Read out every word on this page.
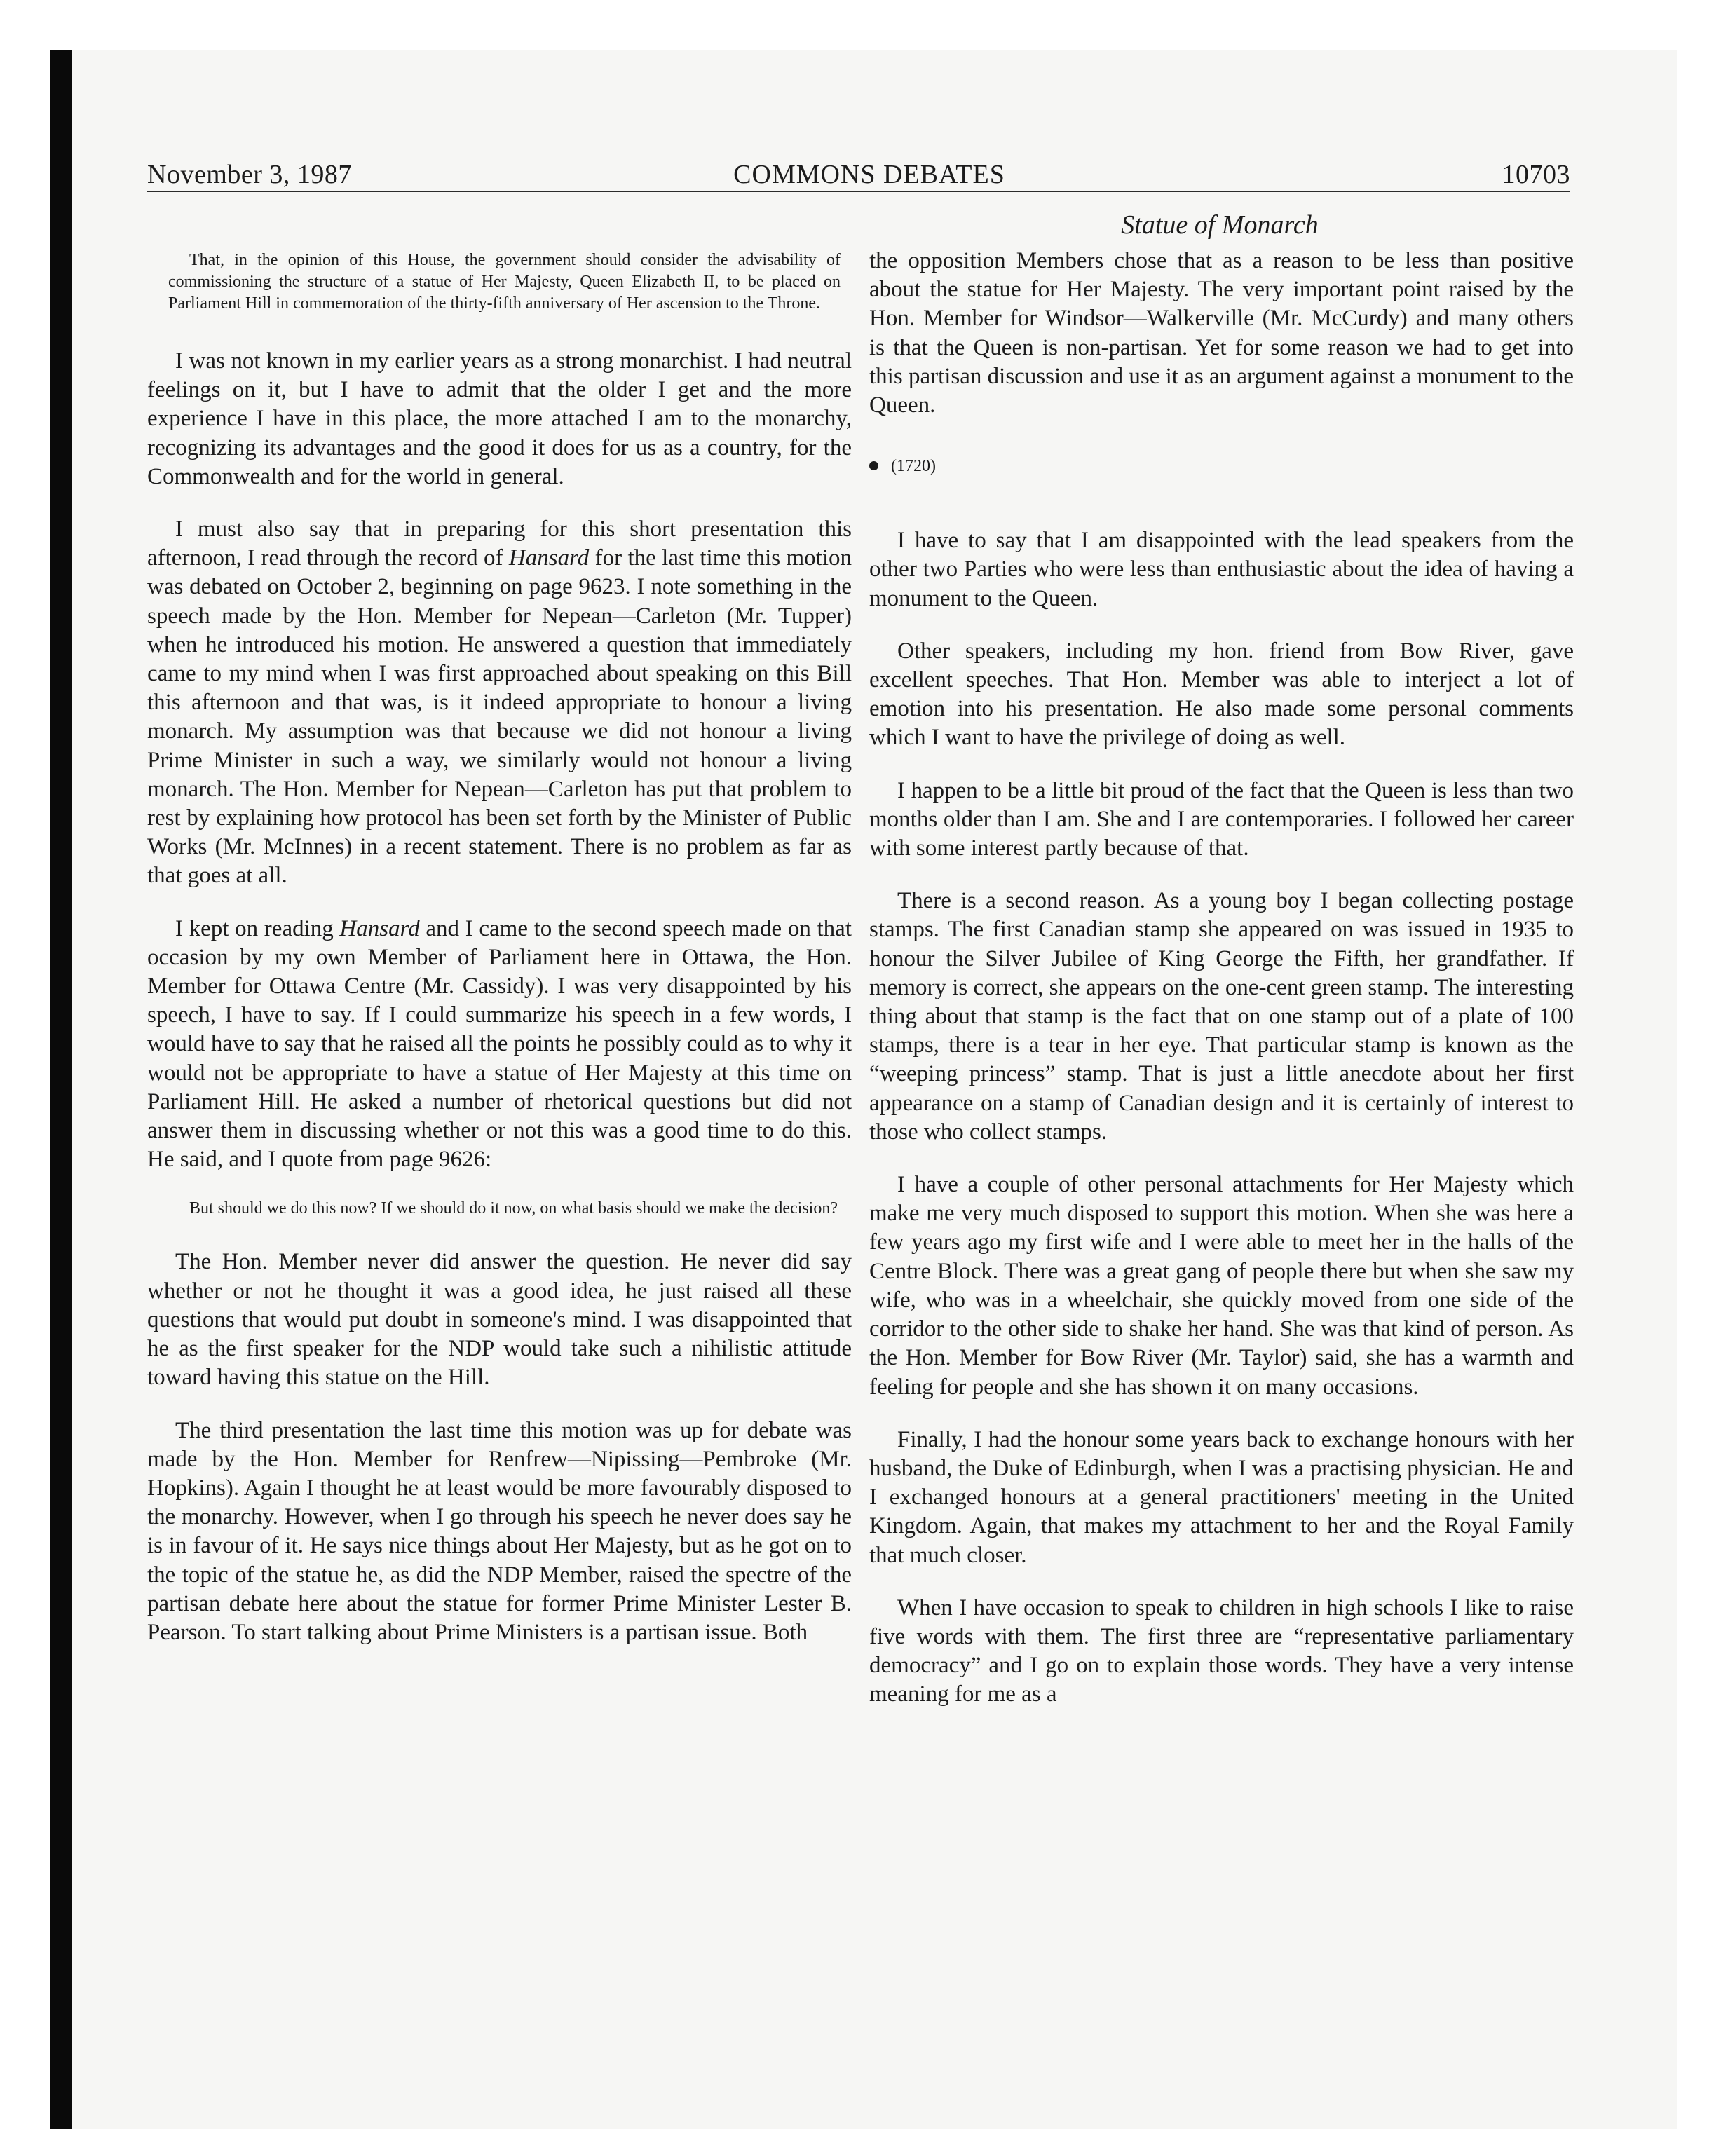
November 3, 1987	COMMONS DEBATES	10703
Statue of Monarch

That, in the opinion of this House, the government should consider the advisability of commissioning the structure of a statue of Her Majesty, Queen Elizabeth II, to be placed on Parliament Hill in commemoration of the thirty-fifth anniversary of Her ascension to the Throne.

I was not known in my earlier years as a strong monarchist. I had neutral feelings on it, but I have to admit that the older I get and the more experience I have in this place, the more attached I am to the monarchy, recognizing its advantages and the good it does for us as a country, for the Commonwealth and for the world in general.

I must also say that in preparing for this short presentation this afternoon, I read through the record of Hansard for the last time this motion was debated on October 2, beginning on page 9623. I note something in the speech made by the Hon. Member for Nepean—Carleton (Mr. Tupper) when he introduced his motion. He answered a question that immediately came to my mind when I was first approached about speaking on this Bill this afternoon and that was, is it indeed appropriate to honour a living monarch. My assumption was that because we did not honour a living Prime Minister in such a way, we similarly would not honour a living monarch. The Hon. Member for Nepean—Carleton has put that problem to rest by explaining how protocol has been set forth by the Minister of Public Works (Mr. McInnes) in a recent statement. There is no problem as far as that goes at all.

I kept on reading Hansard and I came to the second speech made on that occasion by my own Member of Parliament here in Ottawa, the Hon. Member for Ottawa Centre (Mr. Cassidy). I was very disappointed by his speech, I have to say. If I could summarize his speech in a few words, I would have to say that he raised all the points he possibly could as to why it would not be appropriate to have a statue of Her Majesty at this time on Parliament Hill. He asked a number of rhetorical questions but did not answer them in discussing whether or not this was a good time to do this. He said, and I quote from page 9626:

But should we do this now? If we should do it now, on what basis should we make the decision?

The Hon. Member never did answer the question. He never did say whether or not he thought it was a good idea, he just raised all these questions that would put doubt in someone's mind. I was disappointed that he as the first speaker for the NDP would take such a nihilistic attitude toward having this statue on the Hill.

The third presentation the last time this motion was up for debate was made by the Hon. Member for Renfrew—Nipissing—Pembroke (Mr. Hopkins). Again I thought he at least would be more favourably disposed to the monarchy. However, when I go through his speech he never does say he is in favour of it. He says nice things about Her Majesty, but as he got on to the topic of the statue he, as did the NDP Member, raised the spectre of the partisan debate here about the statue for former Prime Minister Lester B. Pearson. To start talking about Prime Ministers is a partisan issue. Both

the opposition Members chose that as a reason to be less than positive about the statue for Her Majesty. The very important point raised by the Hon. Member for Windsor—Walkerville (Mr. McCurdy) and many others is that the Queen is non-partisan. Yet for some reason we had to get into this partisan discussion and use it as an argument against a monument to the Queen.

(1720)

I have to say that I am disappointed with the lead speakers from the other two Parties who were less than enthusiastic about the idea of having a monument to the Queen.

Other speakers, including my hon. friend from Bow River, gave excellent speeches. That Hon. Member was able to interject a lot of emotion into his presentation. He also made some personal comments which I want to have the privilege of doing as well.

I happen to be a little bit proud of the fact that the Queen is less than two months older than I am. She and I are contemporaries. I followed her career with some interest partly because of that.

There is a second reason. As a young boy I began collecting postage stamps. The first Canadian stamp she appeared on was issued in 1935 to honour the Silver Jubilee of King George the Fifth, her grandfather. If memory is correct, she appears on the one-cent green stamp. The interesting thing about that stamp is the fact that on one stamp out of a plate of 100 stamps, there is a tear in her eye. That particular stamp is known as the “weeping princess” stamp. That is just a little anecdote about her first appearance on a stamp of Canadian design and it is certainly of interest to those who collect stamps.

I have a couple of other personal attachments for Her Majesty which make me very much disposed to support this motion. When she was here a few years ago my first wife and I were able to meet her in the halls of the Centre Block. There was a great gang of people there but when she saw my wife, who was in a wheelchair, she quickly moved from one side of the corridor to the other side to shake her hand. She was that kind of person. As the Hon. Member for Bow River (Mr. Taylor) said, she has a warmth and feeling for people and she has shown it on many occasions.

Finally, I had the honour some years back to exchange honours with her husband, the Duke of Edinburgh, when I was a practising physician. He and I exchanged honours at a general practitioners' meeting in the United Kingdom. Again, that makes my attachment to her and the Royal Family that much closer.

When I have occasion to speak to children in high schools I like to raise five words with them. The first three are “representative parliamentary democracy” and I go on to explain those words. They have a very intense meaning for me as a
